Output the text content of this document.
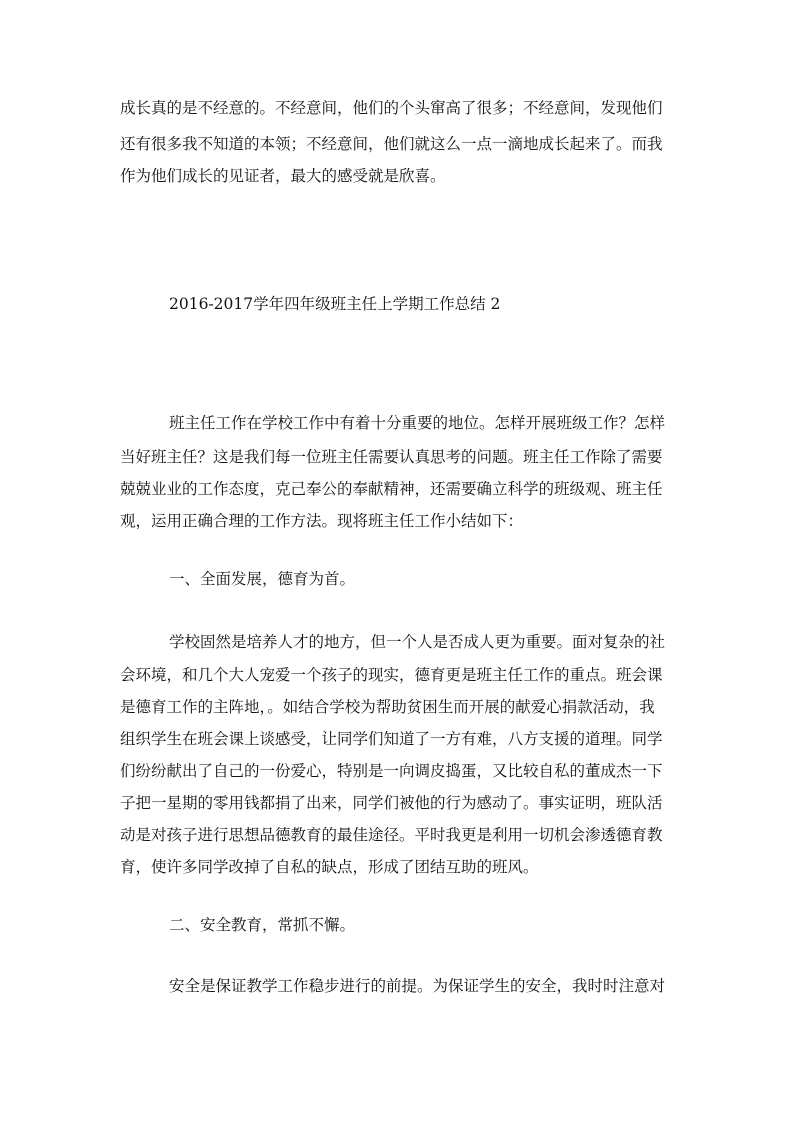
成长真的是不经意的。不经意间，他们的个头窜高了很多；不经意间，发现他们
还有很多我不知道的本领；不经意间，他们就这么一点一滴地成长起来了。而我
作为他们成长的见证者，最大的感受就是欣喜。
2016-2017学年四年级班主任上学期工作总结 2
班主任工作在学校工作中有着十分重要的地位。怎样开展班级工作？怎样
当好班主任？这是我们每一位班主任需要认真思考的问题。班主任工作除了需要
兢兢业业的工作态度，克己奉公的奉献精神，还需要确立科学的班级观、班主任
观，运用正确合理的工作方法。现将班主任工作小结如下：
一、全面发展，德育为首。
学校固然是培养人才的地方，但一个人是否成人更为重要。面对复杂的社
会环境，和几个大人宠爱一个孩子的现实，德育更是班主任工作的重点。班会课
是德育工作的主阵地，。如结合学校为帮助贫困生而开展的献爱心捐款活动，我
组织学生在班会课上谈感受，让同学们知道了一方有难，八方支援的道理。同学
们纷纷献出了自己的一份爱心，特别是一向调皮捣蛋，又比较自私的董成杰一下
子把一星期的零用钱都捐了出来，同学们被他的行为感动了。事实证明，班队活
动是对孩子进行思想品德教育的最佳途径。平时我更是利用一切机会渗透德育教
育，使许多同学改掉了自私的缺点，形成了团结互助的班风。
二、安全教育，常抓不懈。
安全是保证教学工作稳步进行的前提。为保证学生的安全，我时时注意对
